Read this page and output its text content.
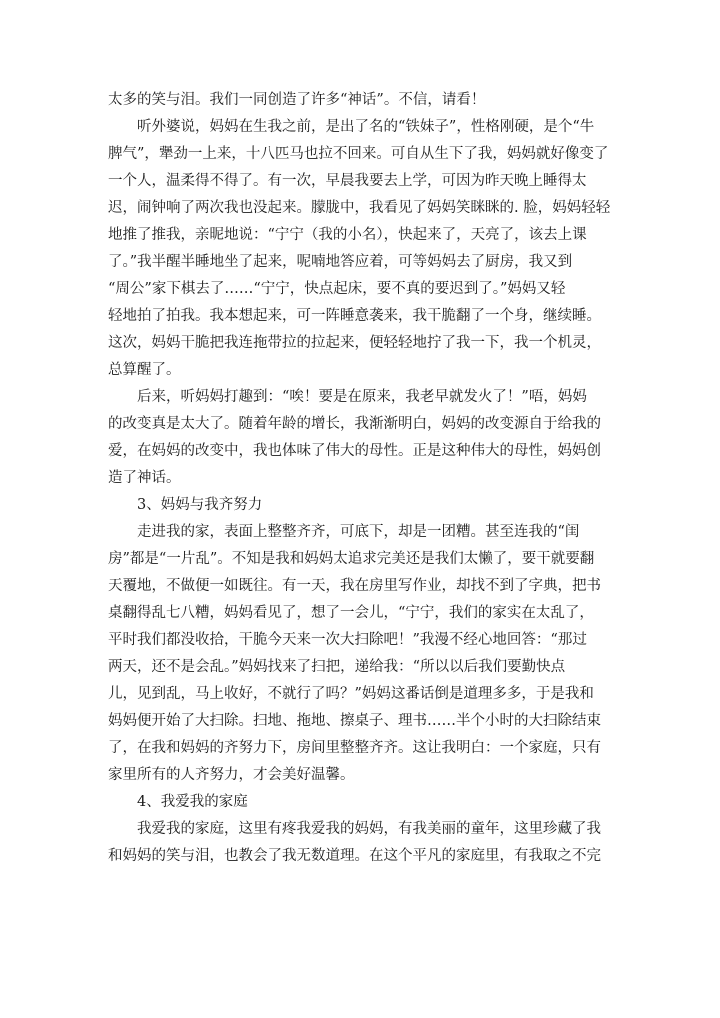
太多的笑与泪。我们一同创造了许多“神话”。不信，请看！
听外婆说，妈妈在生我之前，是出了名的“铁妹子”，性格刚硬，是个“牛
脾气”，犟劲一上来，十八匹马也拉不回来。可自从生下了我，妈妈就好像变了
一个人，温柔得不得了。有一次，早晨我要去上学，可因为昨天晚上睡得太
迟，闹钟响了两次我也没起来。朦胧中，我看见了妈妈笑眯眯的. 脸，妈妈轻轻
地推了推我，亲昵地说：“宁宁（我的小名），快起来了，天亮了，该去上课
了。”我半醒半睡地坐了起来，呢喃地答应着，可等妈妈去了厨房，我又到
“周公”家下棋去了……“宁宁，快点起床，要不真的要迟到了。”妈妈又轻
轻地拍了拍我。我本想起来，可一阵睡意袭来，我干脆翻了一个身，继续睡。
这次，妈妈干脆把我连拖带拉的拉起来，便轻轻地拧了我一下，我一个机灵，
总算醒了。
后来，听妈妈打趣到：“唉！要是在原来，我老早就发火了！”唔，妈妈
的改变真是太大了。随着年龄的增长，我渐渐明白，妈妈的改变源自于给我的
爱，在妈妈的改变中，我也体味了伟大的母性。正是这种伟大的母性，妈妈创
造了神话。
3、妈妈与我齐努力
走进我的家，表面上整整齐齐，可底下，却是一团糟。甚至连我的“闺
房”都是“一片乱”。不知是我和妈妈太追求完美还是我们太懒了，要干就要翻
天覆地，不做便一如既往。有一天，我在房里写作业，却找不到了字典，把书
桌翻得乱七八糟，妈妈看见了，想了一会儿，“宁宁，我们的家实在太乱了，
平时我们都没收拾，干脆今天来一次大扫除吧！”我漫不经心地回答：“那过
两天，还不是会乱。”妈妈找来了扫把，递给我：“所以以后我们要勤快点
儿，见到乱，马上收好，不就行了吗？”妈妈这番话倒是道理多多，于是我和
妈妈便开始了大扫除。扫地、拖地、擦桌子、理书……半个小时的大扫除结束
了，在我和妈妈的齐努力下，房间里整整齐齐。这让我明白：一个家庭，只有
家里所有的人齐努力，才会美好温馨。
4、我爱我的家庭
我爱我的家庭，这里有疼我爱我的妈妈，有我美丽的童年，这里珍藏了我
和妈妈的笑与泪，也教会了我无数道理。在这个平凡的家庭里，有我取之不完
